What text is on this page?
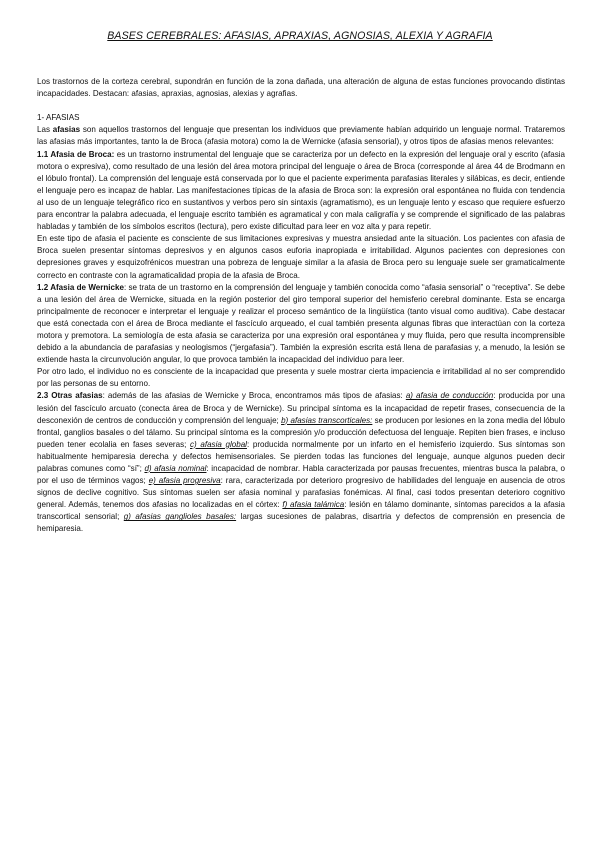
BASES CEREBRALES: AFASIAS, APRAXIAS, AGNOSIAS, ALEXIA Y AGRAFIA

Los trastornos de la corteza cerebral, supondrán en función de la zona dañada, una alteración de alguna de estas funciones provocando distintas incapacidades. Destacan: afasias, apraxias, agnosias, alexias y agrafias.

1- AFASIAS

Las afasias son aquellos trastornos del lenguaje que presentan los individuos que previamente habían adquirido un lenguaje normal. Trataremos las afasias más importantes, tanto la de Broca (afasia motora) como la de Wernicke (afasia sensorial), y otros tipos de afasias menos relevantes:

1.1 Afasia de Broca: es un trastorno instrumental del lenguaje que se caracteriza por un defecto en la expresión del lenguaje oral y escrito (afasia motora o expresiva), como resultado de una lesión del área motora principal del lenguaje o área de Broca (corresponde al área 44 de Brodmann en el lóbulo frontal). La comprensión del lenguaje está conservada por lo que el paciente experimenta parafasias literales y silábicas, es decir, entiende el lenguaje pero es incapaz de hablar. Las manifestaciones típicas de la afasia de Broca son: la expresión oral espontánea no fluida con tendencia al uso de un lenguaje telegráfico rico en sustantivos y verbos pero sin sintaxis (agramatismo), es un lenguaje lento y escaso que requiere esfuerzo para encontrar la palabra adecuada, el lenguaje escrito también es agramatical y con mala caligrafía y se comprende el significado de las palabras habladas y también de los símbolos escritos (lectura), pero existe dificultad para leer en voz alta y para repetir.

En este tipo de afasia el paciente es consciente de sus limitaciones expresivas y muestra ansiedad ante la situación. Los pacientes con afasia de Broca suelen presentar síntomas depresivos y en algunos casos euforia inapropiada e irritabilidad. Algunos pacientes con depresiones con depresiones graves y esquizofrénicos muestran una pobreza de lenguaje similar a la afasia de Broca pero su lenguaje suele ser gramaticalmente correcto en contraste con la agramaticalidad propia de la afasia de Broca.

1.2 Afasia de Wernicke: se trata de un trastorno en la comprensión del lenguaje y también conocida como “afasia sensorial” o “receptiva”. Se debe a una lesión del área de Wernicke, situada en la región posterior del giro temporal superior del hemisferio cerebral dominante. Esta se encarga principalmente de reconocer e interpretar el lenguaje y realizar el proceso semántico de la lingüística (tanto visual como auditiva). Cabe destacar que está conectada con el área de Broca mediante el fascículo arqueado, el cual también presenta algunas fibras que interactúan con la corteza motora y premotora. La semiología de esta afasia se caracteriza por una expresión oral espontánea y muy fluida, pero que resulta incomprensible debido a la abundancia de parafasias y neologismos (“jergafasia”). También la expresión escrita está llena de parafasias y, a menudo, la lesión se extiende hasta la circunvolución angular, lo que provoca también la incapacidad del individuo para leer.

Por otro lado, el individuo no es consciente de la incapacidad que presenta y suele mostrar cierta impaciencia e irritabilidad al no ser comprendido por las personas de su entorno.

2.3 Otras afasias: además de las afasias de Wernicke y Broca, encontramos más tipos de afasias: a) afasia de conducción: producida por una lesión del fascículo arcuato (conecta área de Broca y de Wernicke). Su principal síntoma es la incapacidad de repetir frases, consecuencia de la desconexión de centros de conducción y comprensión del lenguaje; b) afasias transcorticales: se producen por lesiones en la zona media del lóbulo frontal, ganglios basales o del tálamo. Su principal síntoma es la compresión y/o producción defectuosa del lenguaje. Repiten bien frases, e incluso pueden tener ecolalia en fases severas; c) afasia global: producida normalmente por un infarto en el hemisferio izquierdo. Sus síntomas son habitualmente hemiparesia derecha y defectos hemisensoriales. Se pierden todas las funciones del lenguaje, aunque algunos pueden decir palabras comunes como “sí”; d) afasia nominal: incapacidad de nombrar. Habla caracterizada por pausas frecuentes, mientras busca la palabra, o por el uso de términos vagos; e) afasia progresiva: rara, caracterizada por deterioro progresivo de habilidades del lenguaje en ausencia de otros signos de declive cognitivo. Sus síntomas suelen ser afasia nominal y parafasias fonémicas. Al final, casi todos presentan deterioro cognitivo general. Además, tenemos dos afasias no localizadas en el córtex: f) afasia talámica: lesión en tálamo dominante, síntomas parecidos a la afasia transcortical sensorial; g) afasias ganglioles basales: largas sucesiones de palabras, disartria y defectos de comprensión en presencia de hemiparesia.
